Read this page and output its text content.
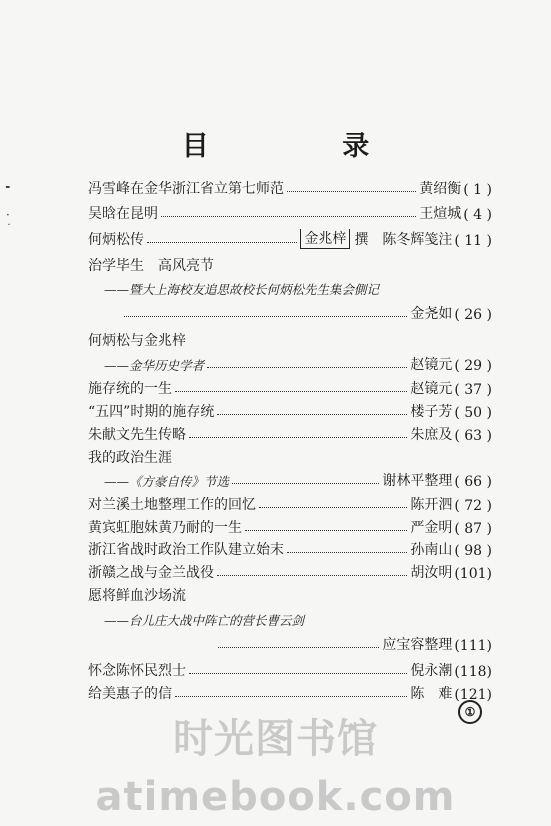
目 录
╸

·
˙
冯雪峰在金华浙江省立第七师范	黄绍衡 ( 1 )
吴晗在昆明	王煊城 ( 4 )
何炳松传	金兆梓 撰　陈冬辉笺注 ( 11 )
治学毕生　高风亮节
——暨大上海校友追思故校长何炳松先生集会側记
金尧如 ( 26 )
何炳松与金兆梓
——金华历史学者	赵镜元 ( 29 )
施存统的一生	赵镜元 ( 37 )
“五四”时期的施存统	楼子芳 ( 50 )
朱献文先生传略	朱庶及 ( 63 )
我的政治生涯
——《方豪自传》节选	谢林平整理 ( 66 )
对兰溪土地整理工作的回忆	陈开泗 ( 72 )
黄宾虹胞妹黄乃耐的一生	严金明 ( 87 )
浙江省战时政治工作队建立始末	孙南山 ( 98 )
浙赣之战与金兰战役	胡汝明 (101)
愿将鲜血沙场流
——台儿庄大战中阵亡的营长曹云剑
应宝容整理 (111)
怀念陈怀民烈士	倪永潮 (118)
给美惠子的信	陈　难 (121)
①
时光图书馆atimebook.com
